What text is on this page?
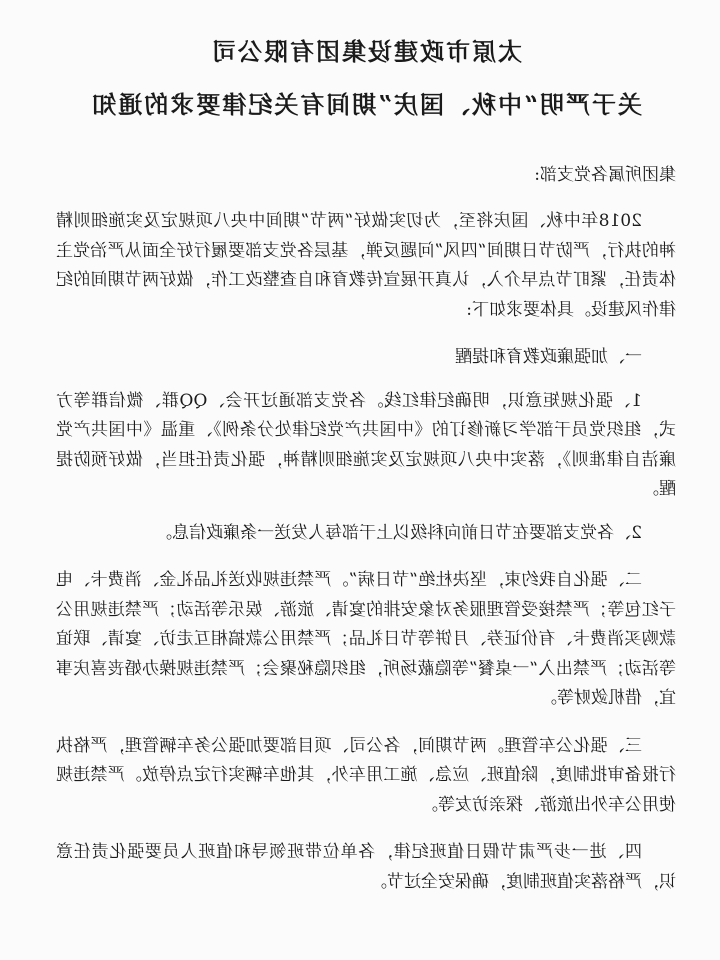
太原市政建设集团有限公司
关于严明“中秋、国庆”期间有关纪律要求的通知
集团所属各党支部:

2018年中秋、国庆将至，为切实做好“两节”期间中央八项规定及实施细则精神的执行，严防节日期间“四风”问题反弹，基层各党支部要履行好全面从严治党主体责任，紧盯节点早介入，认真开展宣传教育和自查整改工作，做好两节期间的纪律作风建设。具体要求如下:

一、加强廉政教育和提醒

1、强化规矩意识，明确纪律红线。各党支部通过开会、QQ群、微信群等方式，组织党员干部学习新修订的《中国共产党纪律处分条例》、重温《中国共产党廉洁自律准则》，落实中央八项规定及实施细则精神，强化责任担当，做好预防提醒。

2、各党支部要在节日前向科级以上干部每人发送一条廉政信息。

二、强化自我约束，坚决杜绝“节日病”。严禁违规收送礼品礼金、消费卡、电子红包等；严禁接受管理服务对象安排的宴请、旅游、娱乐等活动；严禁违规用公款购买消费卡、有价证券、月饼等节日礼品；严禁用公款搞相互走访、宴请、联谊等活动；严禁出入“一桌餐”等隐蔽场所，组织隐秘聚会；严禁违规操办婚丧喜庆事宜，借机敛财等。

三、强化公车管理。两节期间，各公司、项目部要加强公务车辆管理，严格执行报备审批制度，除值班、应急、施工用车外，其他车辆实行定点停放。严禁违规使用公车外出旅游、探亲访友等。

四、进一步严肃节假日值班纪律，各单位带班领导和值班人员要强化责任意识，严格落实值班制度，确保安全过节。
